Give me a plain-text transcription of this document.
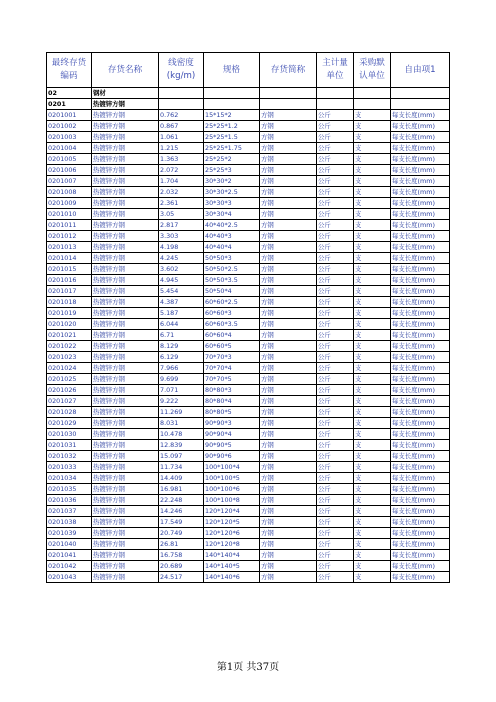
最终存货编码	存货名称	线密度(kg/m)	规格	存货简称	主计量单位	采购默认单位	自由项1
02	钢材						
0201	热镀锌方钢						
0201001	热镀锌方钢	0.762	15*15*2	方钢	公斤	支	每支长度(mm)
0201002	热镀锌方钢	0.867	25*25*1.2	方钢	公斤	支	每支长度(mm)
0201003	热镀锌方钢	1.061	25*25*1.5	方钢	公斤	支	每支长度(mm)
0201004	热镀锌方钢	1.215	25*25*1.75	方钢	公斤	支	每支长度(mm)
0201005	热镀锌方钢	1.363	25*25*2	方钢	公斤	支	每支长度(mm)
0201006	热镀锌方钢	2.072	25*25*3	方钢	公斤	支	每支长度(mm)
0201007	热镀锌方钢	1.704	30*30*2	方钢	公斤	支	每支长度(mm)
0201008	热镀锌方钢	2.032	30*30*2.5	方钢	公斤	支	每支长度(mm)
0201009	热镀锌方钢	2.361	30*30*3	方钢	公斤	支	每支长度(mm)
0201010	热镀锌方钢	3.05	30*30*4	方钢	公斤	支	每支长度(mm)
0201011	热镀锌方钢	2.817	40*40*2.5	方钢	公斤	支	每支长度(mm)
0201012	热镀锌方钢	3.303	40*40*3	方钢	公斤	支	每支长度(mm)
0201013	热镀锌方钢	4.198	40*40*4	方钢	公斤	支	每支长度(mm)
0201014	热镀锌方钢	4.245	50*50*3	方钢	公斤	支	每支长度(mm)
0201015	热镀锌方钢	3.602	50*50*2.5	方钢	公斤	支	每支长度(mm)
0201016	热镀锌方钢	4.945	50*50*3.5	方钢	公斤	支	每支长度(mm)
0201017	热镀锌方钢	5.454	50*50*4	方钢	公斤	支	每支长度(mm)
0201018	热镀锌方钢	4.387	60*60*2.5	方钢	公斤	支	每支长度(mm)
0201019	热镀锌方钢	5.187	60*60*3	方钢	公斤	支	每支长度(mm)
0201020	热镀锌方钢	6.044	60*60*3.5	方钢	公斤	支	每支长度(mm)
0201021	热镀锌方钢	6.71	60*60*4	方钢	公斤	支	每支长度(mm)
0201022	热镀锌方钢	8.129	60*60*5	方钢	公斤	支	每支长度(mm)
0201023	热镀锌方钢	6.129	70*70*3	方钢	公斤	支	每支长度(mm)
0201024	热镀锌方钢	7.966	70*70*4	方钢	公斤	支	每支长度(mm)
0201025	热镀锌方钢	9.699	70*70*5	方钢	公斤	支	每支长度(mm)
0201026	热镀锌方钢	7.071	80*80*3	方钢	公斤	支	每支长度(mm)
0201027	热镀锌方钢	9.222	80*80*4	方钢	公斤	支	每支长度(mm)
0201028	热镀锌方钢	11.269	80*80*5	方钢	公斤	支	每支长度(mm)
0201029	热镀锌方钢	8.031	90*90*3	方钢	公斤	支	每支长度(mm)
0201030	热镀锌方钢	10.478	90*90*4	方钢	公斤	支	每支长度(mm)
0201031	热镀锌方钢	12.839	90*90*5	方钢	公斤	支	每支长度(mm)
0201032	热镀锌方钢	15.097	90*90*6	方钢	公斤	支	每支长度(mm)
0201033	热镀锌方钢	11.734	100*100*4	方钢	公斤	支	每支长度(mm)
0201034	热镀锌方钢	14.409	100*100*5	方钢	公斤	支	每支长度(mm)
0201035	热镀锌方钢	16.981	100*100*6	方钢	公斤	支	每支长度(mm)
0201036	热镀锌方钢	22.248	100*100*8	方钢	公斤	支	每支长度(mm)
0201037	热镀锌方钢	14.246	120*120*4	方钢	公斤	支	每支长度(mm)
0201038	热镀锌方钢	17.549	120*120*5	方钢	公斤	支	每支长度(mm)
0201039	热镀锌方钢	20.749	120*120*6	方钢	公斤	支	每支长度(mm)
0201040	热镀锌方钢	26.81	120*120*8	方钢	公斤	支	每支长度(mm)
0201041	热镀锌方钢	16.758	140*140*4	方钢	公斤	支	每支长度(mm)
0201042	热镀锌方钢	20.689	140*140*5	方钢	公斤	支	每支长度(mm)
0201043	热镀锌方钢	24.517	140*140*6	方钢	公斤	支	每支长度(mm)
第1页 共37页
